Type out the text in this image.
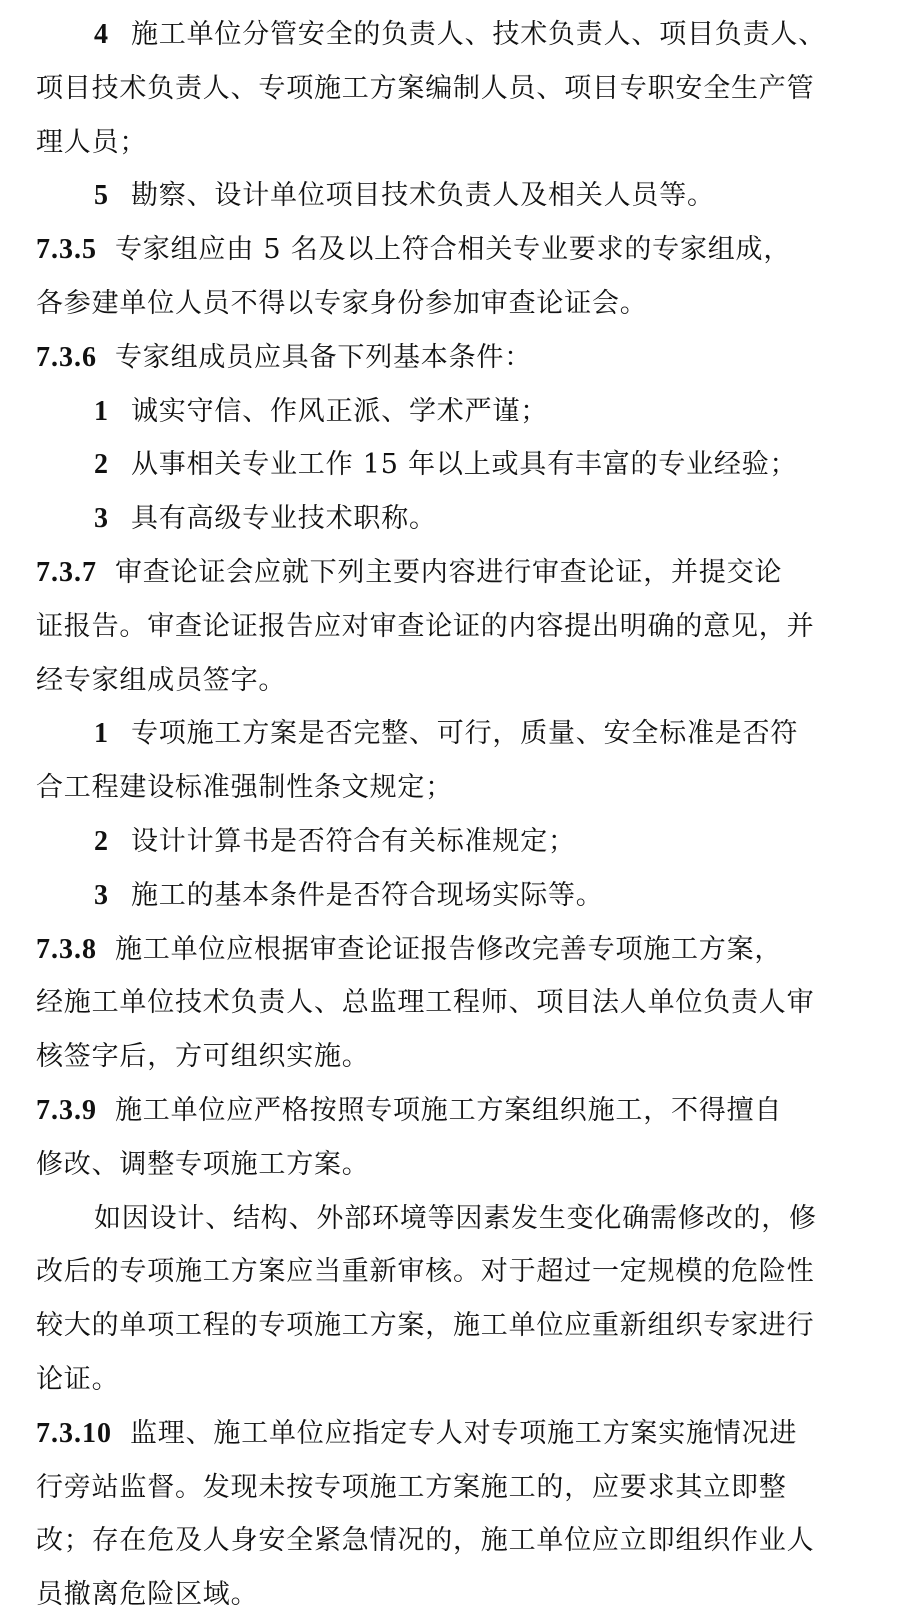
4 施工单位分管安全的负责人、技术负责人、项目负责人、
项目技术负责人、专项施工方案编制人员、项目专职安全生产管
理人员；
5 勘察、设计单位项目技术负责人及相关人员等。
7.3.5 专家组应由 5 名及以上符合相关专业要求的专家组成，
各参建单位人员不得以专家身份参加审查论证会。
7.3.6 专家组成员应具备下列基本条件：
1 诚实守信、作风正派、学术严谨；
2 从事相关专业工作 15 年以上或具有丰富的专业经验；
3 具有高级专业技术职称。
7.3.7 审查论证会应就下列主要内容进行审查论证，并提交论
证报告。审查论证报告应对审查论证的内容提出明确的意见，并
经专家组成员签字。
1 专项施工方案是否完整、可行，质量、安全标准是否符
合工程建设标准强制性条文规定；
2 设计计算书是否符合有关标准规定；
3 施工的基本条件是否符合现场实际等。
7.3.8 施工单位应根据审查论证报告修改完善专项施工方案，
经施工单位技术负责人、总监理工程师、项目法人单位负责人审
核签字后，方可组织实施。
7.3.9 施工单位应严格按照专项施工方案组织施工，不得擅自
修改、调整专项施工方案。
如因设计、结构、外部环境等因素发生变化确需修改的，修
改后的专项施工方案应当重新审核。对于超过一定规模的危险性
较大的单项工程的专项施工方案，施工单位应重新组织专家进行
论证。
7.3.10 监理、施工单位应指定专人对专项施工方案实施情况进
行旁站监督。发现未按专项施工方案施工的，应要求其立即整
改；存在危及人身安全紧急情况的，施工单位应立即组织作业人
员撤离危险区域。
